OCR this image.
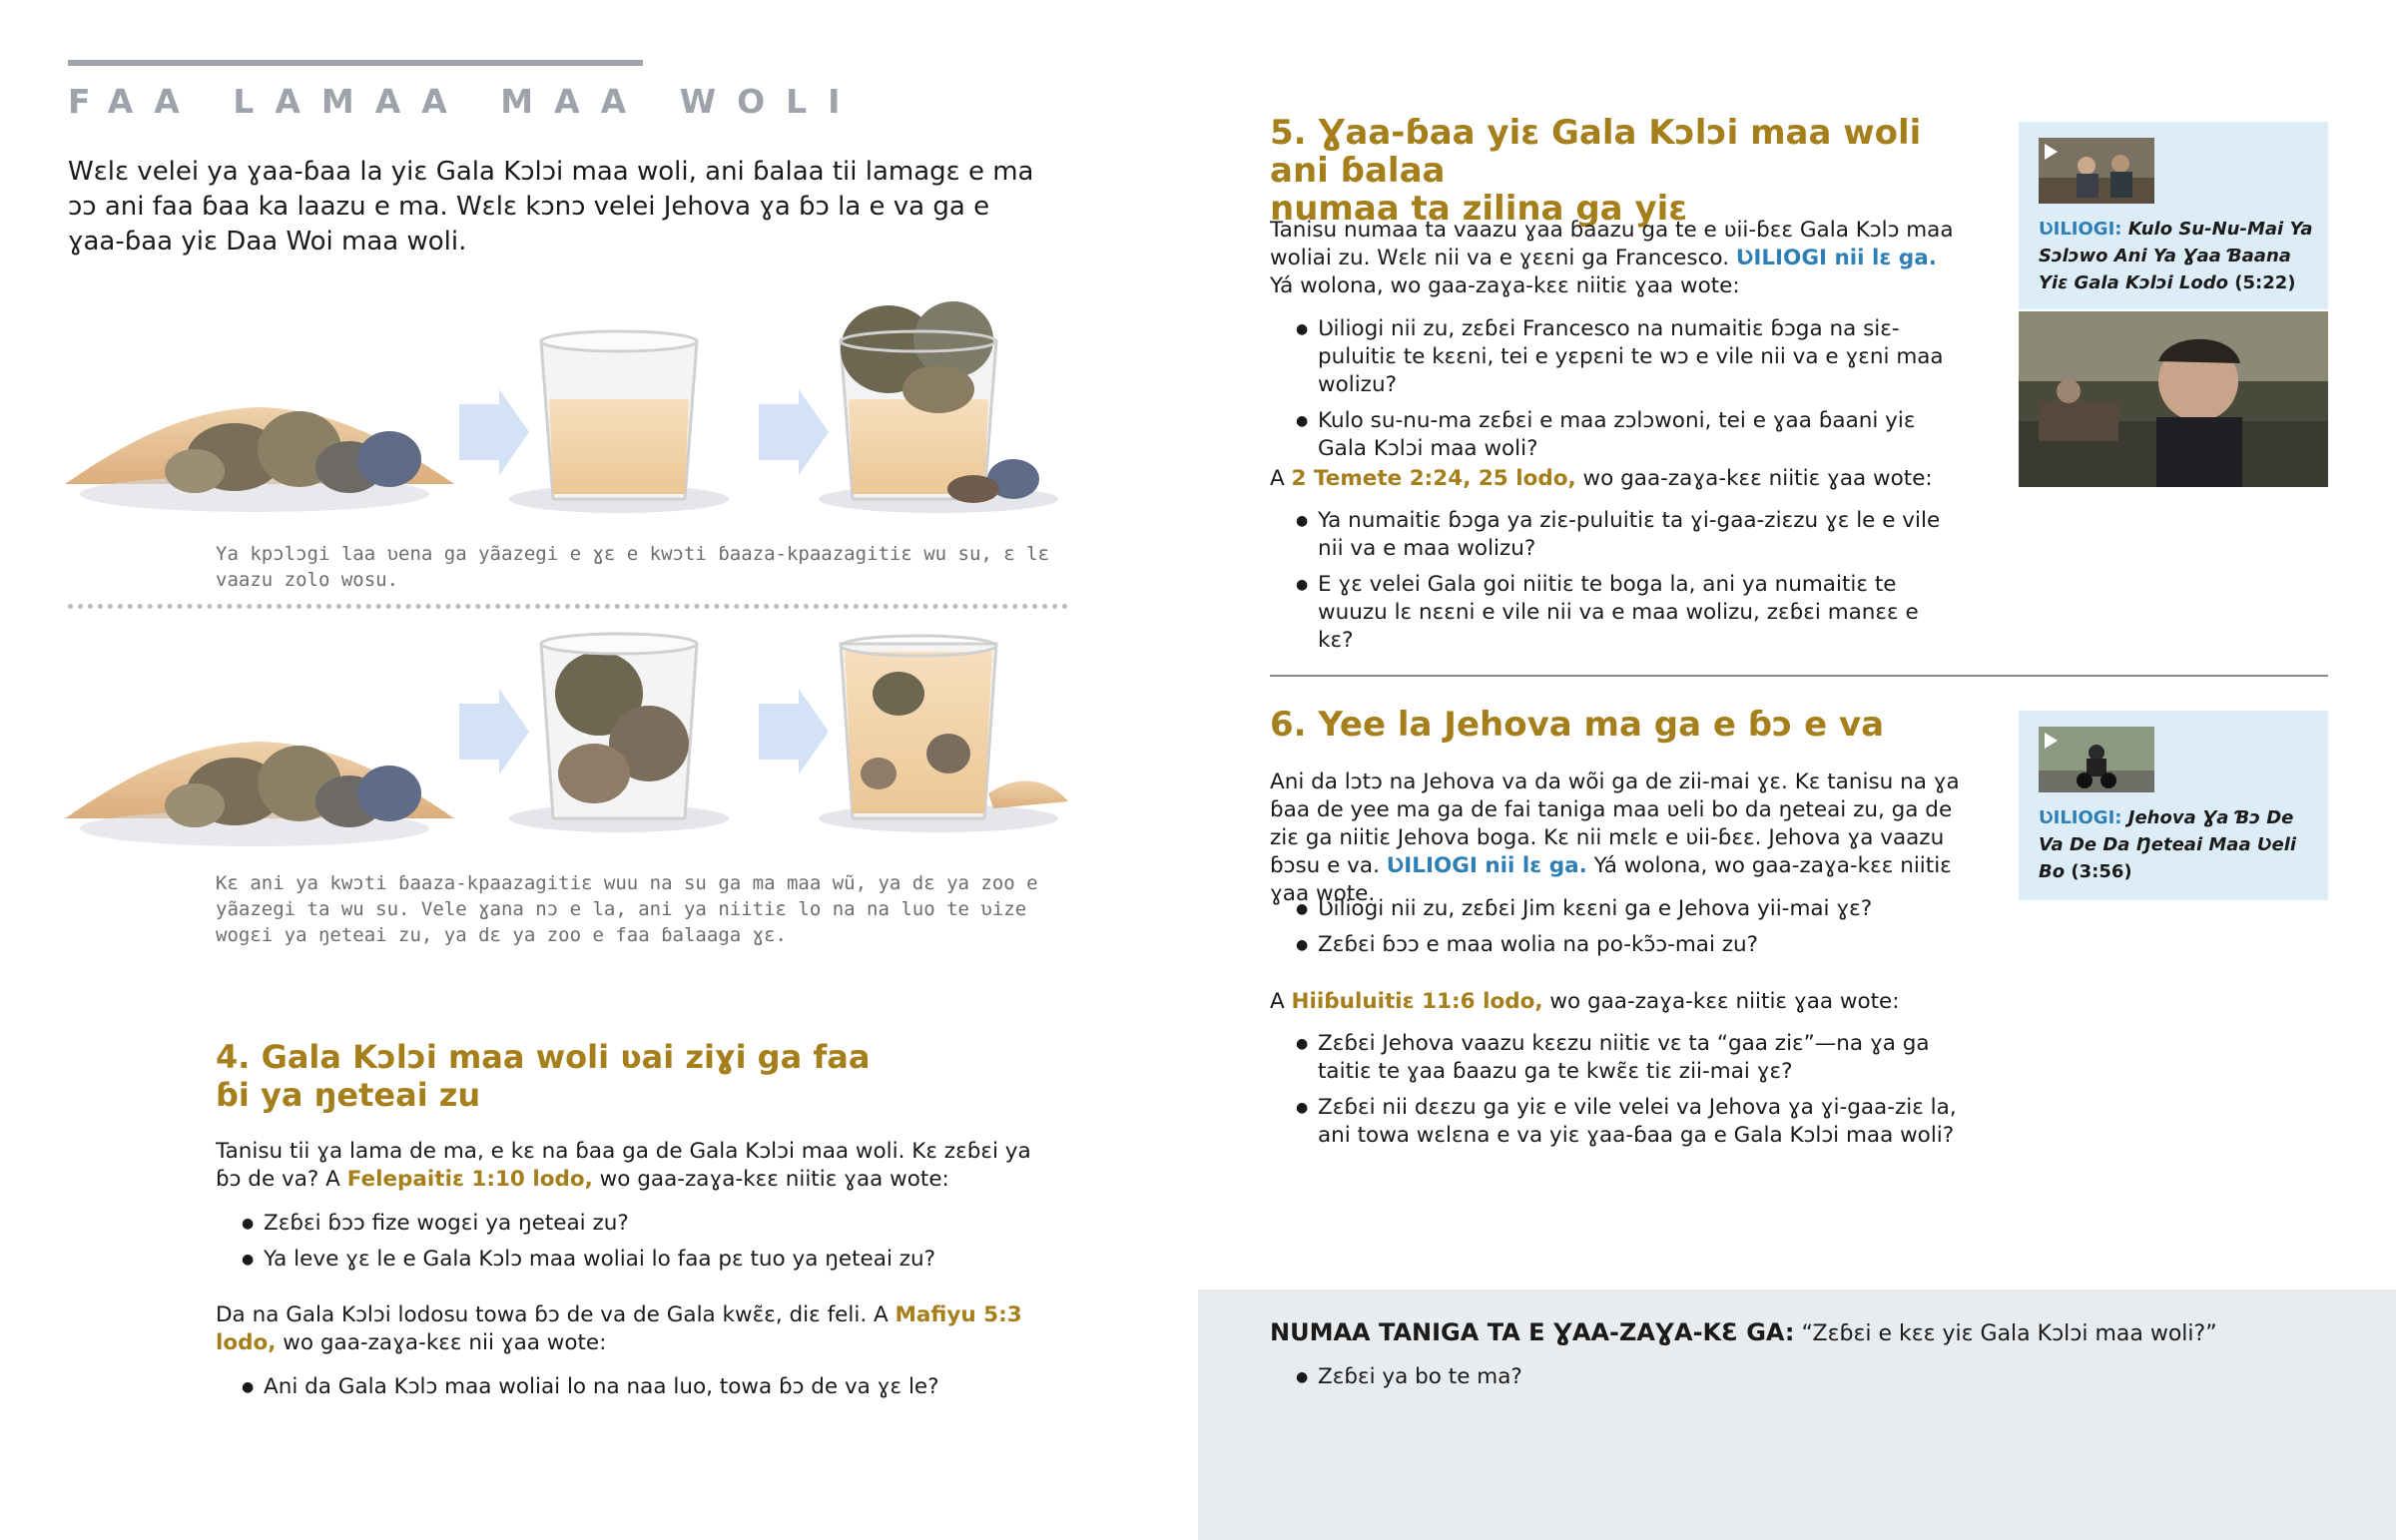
FAA LAMAA MAA WOLI
Wɛlɛ velei ya ɣaa-ɓaa la yiɛ Gala Kɔlɔi maa woli, ani ɓalaa tii lamagɛ e ma ɔɔ ani faa ɓaa ka laazu e ma. Wɛlɛ kɔnɔ velei Jehova ɣa ɓɔ la e va ga e ɣaa-ɓaa yiɛ Daa Woi maa woli.
Ya kpɔlɔgi laa ʋena ga yãazegi e ɣɛ e kwɔti ɓaaza-kpaazagitiɛ wu su, ɛ lɛ vaazu zolo wosu.
Kɛ ani ya kwɔti ɓaaza-kpaazagitiɛ wuu na su ga ma maa wũ, ya dɛ ya zoo e yãazegi ta wu su. Vele ɣana nɔ e la, ani ya niitiɛ lo na na luo te ʋize wogɛi ya ŋeteai zu, ya dɛ ya zoo e faa ɓalaaga ɣɛ.
4. Gala Kɔlɔi maa woli ʋai ziɣi ga faa
ɓi ya ŋeteai zu
Tanisu tii ɣa lama de ma, e kɛ na ɓaa ga de Gala Kɔlɔi maa woli. Kɛ zɛɓɛi ya ɓɔ de va? A Felepaitiɛ 1:10 lodo, wo gaa-zaɣa-kɛɛ niitiɛ ɣaa wote:
● Zɛɓɛi ɓɔɔ fize wogɛi ya ŋeteai zu?
● Ya leve ɣɛ le e Gala Kɔlɔ maa woliai lo faa pɛ tuo ya ŋeteai zu?
Da na Gala Kɔlɔi lodosu towa ɓɔ de va de Gala kwɛ̃ɛ, diɛ feli. A Mafiyu 5:3 lodo, wo gaa-zaɣa-kɛɛ nii ɣaa wote:
● Ani da Gala Kɔlɔ maa woliai lo na naa luo, towa ɓɔ de va ɣɛ le?
5. Ɣaa-ɓaa yiɛ Gala Kɔlɔi maa woli ani ɓalaa
numaa ta zilina ga yiɛ
Tanisu numaa ta vaazu ɣaa ɓaazu ga te e ʋii-ɓɛɛ Gala Kɔlɔ maa woliai zu. Wɛlɛ nii va e ɣɛɛni ga Francesco. ƲILIOGI nii lɛ ga.
Yá wolona, wo gaa-zaɣa-kɛɛ niitiɛ ɣaa wote:
● Ʋiliogi nii zu, zɛɓɛi Francesco na numaitiɛ ɓɔga na siɛ-puluitiɛ te kɛɛni, tei e yɛpɛni te wɔ e vile nii va e ɣɛni maa wolizu?
● Kulo su-nu-ma zɛɓɛi e maa zɔlɔwoni, tei e ɣaa ɓaani yiɛ Gala Kɔlɔi maa woli?
A 2 Temete 2:24, 25 lodo, wo gaa-zaɣa-kɛɛ niitiɛ ɣaa wote:
● Ya numaitiɛ ɓɔga ya ziɛ-puluitiɛ ta ɣi-gaa-ziɛzu ɣɛ le e vile nii va e maa wolizu?
● E ɣɛ velei Gala goi niitiɛ te boga la, ani ya numaitiɛ te wuuzu lɛ nɛɛni e vile nii va e maa wolizu, zɛɓɛi manɛɛ e kɛ?
ƲILIOGI: Kulo Su-Nu-Mai Ya Sɔlɔwo Ani Ya Ɣaa Ɓaana Yiɛ Gala Kɔlɔi Lodo (5:22)
6. Yee la Jehova ma ga e ɓɔ e va
Ani da lɔtɔ na Jehova va da wõi ga de zii-mai ɣɛ. Kɛ tanisu na ɣa ɓaa de yee ma ga de fai taniga maa ʋeli bo da ŋeteai zu, ga de ziɛ ga niitiɛ Jehova boga. Kɛ nii mɛlɛ e ʋii-ɓɛɛ. Jehova ɣa vaazu ɓɔsu e va. ƲILIOGI nii lɛ ga. Yá wolona, wo gaa-zaɣa-kɛɛ niitiɛ ɣaa wote.
● Ʋiliogi nii zu, zɛɓɛi Jim kɛɛni ga e Jehova yii-mai ɣɛ?
● Zɛɓɛi ɓɔɔ e maa wolia na po-kɔ̃ɔ-mai zu?
A Hiiɓuluitiɛ 11:6 lodo, wo gaa-zaɣa-kɛɛ niitiɛ ɣaa wote:
● Zɛɓɛi Jehova vaazu kɛɛzu niitiɛ vɛ ta “gaa ziɛ”—na ɣa ga taitiɛ te ɣaa ɓaazu ga te kwɛ̃ɛ tiɛ zii-mai ɣɛ?
● Zɛɓɛi nii dɛɛzu ga yiɛ e vile velei va Jehova ɣa ɣi-gaa-ziɛ la, ani towa wɛlɛna e va yiɛ ɣaa-ɓaa ga e Gala Kɔlɔi maa woli?
ƲILIOGI: Jehova Ɣa Ɓɔ De Va De Da Ŋeteai Maa Ʋeli Bo (3:56)
NUMAA TANIGA TA E ƔAA-ZAƔA-KƐ GA: “Zɛɓɛi e kɛɛ yiɛ Gala Kɔlɔi maa woli?”
● Zɛɓɛi ya bo te ma?
